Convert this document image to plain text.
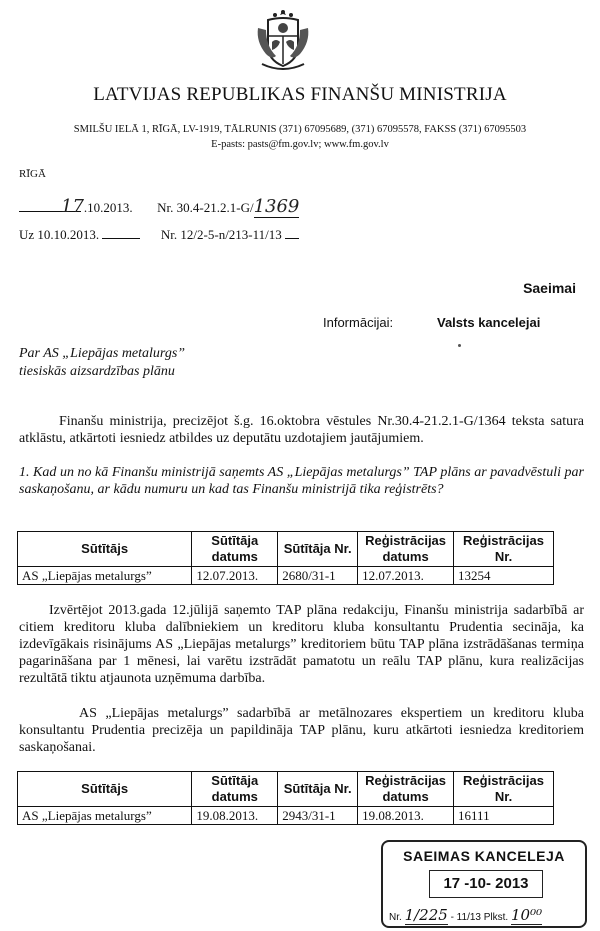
LATVIJAS REPUBLIKAS FINANŠU MINISTRIJA
SMILŠU IELĀ 1, RĪGĀ, LV-1919, TĀLRUNIS (371) 67095689, (371) 67095578, FAKSS (371) 67095503
E-pasts: pasts@fm.gov.lv; www.fm.gov.lv
RĪGĀ
17.10.2013. Nr. 30.4-21.2.1-G/1369
Uz 10.10.2013.	Nr. 12/2-5-n/213-11/13
Saeimai
Informācijai:	Valsts kancelejai
Par AS „Liepājas metalurgs”
tiesiskās aizsardzības plānu
Finanšu ministrija, precizējot š.g. 16.oktobra vēstules Nr.30.4-21.2.1-G/1364 teksta satura atklāstu, atkārtoti iesniedz atbildes uz deputātu uzdotajiem jautājumiem.
1. Kad un no kā Finanšu ministrijā saņemts AS „Liepājas metalurgs” TAP plāns ar pavadvēstuli par saskaņošanu, ar kādu numuru un kad tas Finanšu ministrijā tika reģistrēts?
Sūtītājs	Sūtītāja datums	Sūtītāja Nr.	Reģistrācijas datums	Reģistrācijas Nr.
AS „Liepājas metalurgs”	12.07.2013.	2680/31-1	12.07.2013.	13254
Izvērtējot 2013.gada 12.jūlijā saņemto TAP plāna redakciju, Finanšu ministrija sadarbībā ar citiem kreditoru kluba dalībniekiem un kreditoru kluba konsultantu Prudentia secināja, ka izdevīgākais risinājums AS „Liepājas metalurgs” kreditoriem būtu TAP plāna izstrādāšanas termiņa pagarināšana par 1 mēnesi, lai varētu izstrādāt pamatotu un reālu TAP plānu, kura realizācijas rezultātā tiktu atjaunota uzņēmuma darbība.
AS „Liepājas metalurgs” sadarbībā ar metālnozares ekspertiem un kreditoru kluba konsultantu Prudentia precizēja un papildināja TAP plānu, kuru atkārtoti iesniedza kreditoriem saskaņošanai.
Sūtītājs	Sūtītāja datums	Sūtītāja Nr.	Reģistrācijas datums	Reģistrācijas Nr.
AS „Liepājas metalurgs”	19.08.2013.	2943/31-1	19.08.2013.	16111
SAEIMAS KANCELEJA
17 -10- 2013
Nr. 1/225 - 11/13 Plkst. 10⁰⁰
